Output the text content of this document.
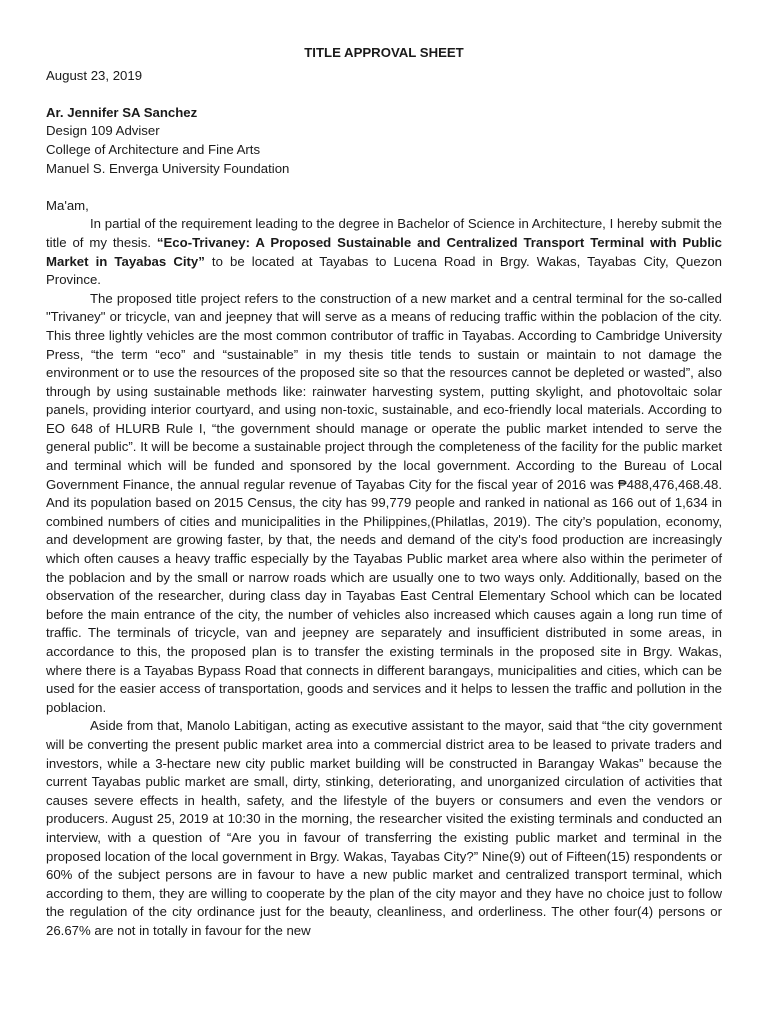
TITLE APPROVAL SHEET

August 23, 2019

Ar. Jennifer SA Sanchez

Design 109 Adviser

College of Architecture and Fine Arts

Manuel S. Enverga University Foundation

Ma'am,

In partial of the requirement leading to the degree in Bachelor of Science in Architecture, I hereby submit the title of my thesis. “Eco-Trivaney: A Proposed Sustainable and Centralized Transport Terminal with Public Market in Tayabas City” to be located at Tayabas to Lucena Road in Brgy. Wakas, Tayabas City, Quezon Province.

The proposed title project refers to the construction of a new market and a central terminal for the so-called "Trivaney" or tricycle, van and jeepney that will serve as a means of reducing traffic within the poblacion of the city. This three lightly vehicles are the most common contributor of traffic in Tayabas. According to Cambridge University Press, “the term “eco” and “sustainable” in my thesis title tends to sustain or maintain to not damage the environment or to use the resources of the proposed site so that the resources cannot be depleted or wasted”, also through by using sustainable methods like: rainwater harvesting system, putting skylight, and photovoltaic solar panels, providing interior courtyard, and using non-toxic, sustainable, and eco-friendly local materials. According to EO 648 of HLURB Rule I, “the government should manage or operate the public market intended to serve the general public”. It will be become a sustainable project through the completeness of the facility for the public market and terminal which will be funded and sponsored by the local government. According to the Bureau of Local Government Finance, the annual regular revenue of Tayabas City for the fiscal year of 2016 was ₱488,476,468.48. And its population based on 2015 Census, the city has 99,779 people and ranked in national as 166 out of 1,634 in combined numbers of cities and municipalities in the Philippines,(Philatlas, 2019). The city’s population, economy, and development are growing faster, by that, the needs and demand of the city's food production are increasingly which often causes a heavy traffic especially by the Tayabas Public market area where also within the perimeter of the poblacion and by the small or narrow roads which are usually one to two ways only. Additionally, based on the observation of the researcher, during class day in Tayabas East Central Elementary School which can be located before the main entrance of the city, the number of vehicles also increased which causes again a long run time of traffic. The terminals of tricycle, van and jeepney are separately and insufficient distributed in some areas, in accordance to this, the proposed plan is to transfer the existing terminals in the proposed site in Brgy. Wakas, where there is a Tayabas Bypass Road that connects in different barangays, municipalities and cities, which can be used for the easier access of transportation, goods and services and it helps to lessen the traffic and pollution in the poblacion.

Aside from that, Manolo Labitigan, acting as executive assistant to the mayor, said that “the city government will be converting the present public market area into a commercial district area to be leased to private traders and investors, while a 3-hectare new city public market building will be constructed in Barangay Wakas” because the current Tayabas public market are small, dirty, stinking, deteriorating, and unorganized circulation of activities that causes severe effects in health, safety, and the lifestyle of the buyers or consumers and even the vendors or producers. August 25, 2019 at 10:30 in the morning, the researcher visited the existing terminals and conducted an interview, with a question of “Are you in favour of transferring the existing public market and terminal in the proposed location of the local government in Brgy. Wakas, Tayabas City?” Nine(9) out of Fifteen(15) respondents or 60% of the subject persons are in favour to have a new public market and centralized transport terminal, which according to them, they are willing to cooperate by the plan of the city mayor and they have no choice just to follow the regulation of the city ordinance just for the beauty, cleanliness, and orderliness. The other four(4) persons or 26.67% are not in totally in favour for the new
